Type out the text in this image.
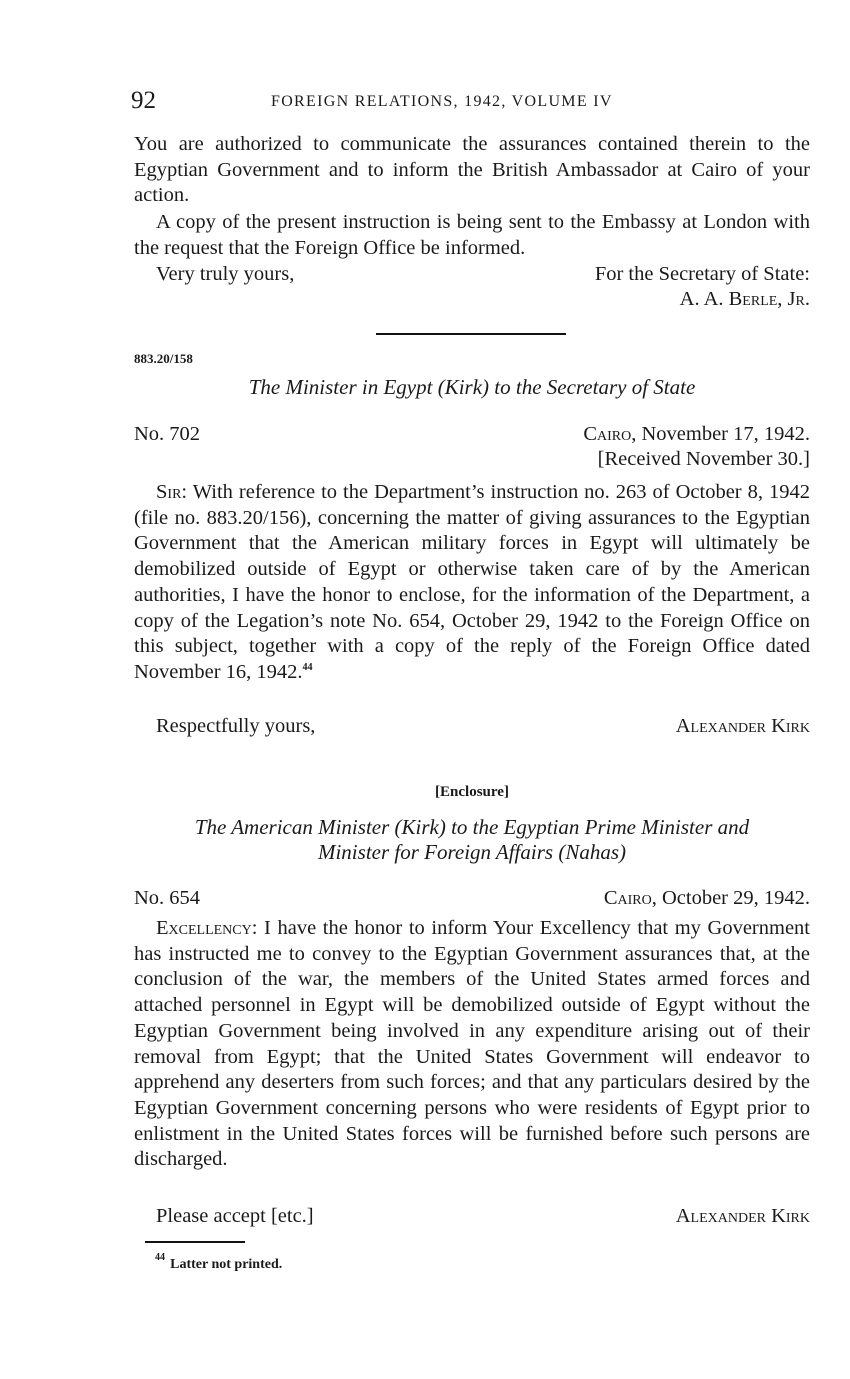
92	FOREIGN RELATIONS, 1942, VOLUME IV
You are authorized to communicate the assurances contained therein to the Egyptian Government and to inform the British Ambassador at Cairo of your action.
A copy of the present instruction is being sent to the Embassy at London with the request that the Foreign Office be informed.
Very truly yours,	For the Secretary of State:
A. A. Berle, Jr.
883.20/158
The Minister in Egypt (Kirk) to the Secretary of State
No. 702	Cairo, November 17, 1942.
[Received November 30.]
Sir: With reference to the Department’s instruction no. 263 of October 8, 1942 (file no. 883.20/156), concerning the matter of giving assurances to the Egyptian Government that the American military forces in Egypt will ultimately be demobilized outside of Egypt or otherwise taken care of by the American authorities, I have the honor to enclose, for the information of the Department, a copy of the Legation’s note No. 654, October 29, 1942 to the Foreign Office on this subject, together with a copy of the reply of the Foreign Office dated November 16, 1942.44
Respectfully yours,	Alexander Kirk
[Enclosure]
The American Minister (Kirk) to the Egyptian Prime Minister and
Minister for Foreign Affairs (Nahas)
No. 654	Cairo, October 29, 1942.
Excellency: I have the honor to inform Your Excellency that my Government has instructed me to convey to the Egyptian Government assurances that, at the conclusion of the war, the members of the United States armed forces and attached personnel in Egypt will be demobilized outside of Egypt without the Egyptian Government being involved in any expenditure arising out of their removal from Egypt; that the United States Government will endeavor to apprehend any deserters from such forces; and that any particulars desired by the Egyptian Government concerning persons who were residents of Egypt prior to enlistment in the United States forces will be furnished before such persons are discharged.
Please accept [etc.]	Alexander Kirk
$^{44}$ Latter not printed.
